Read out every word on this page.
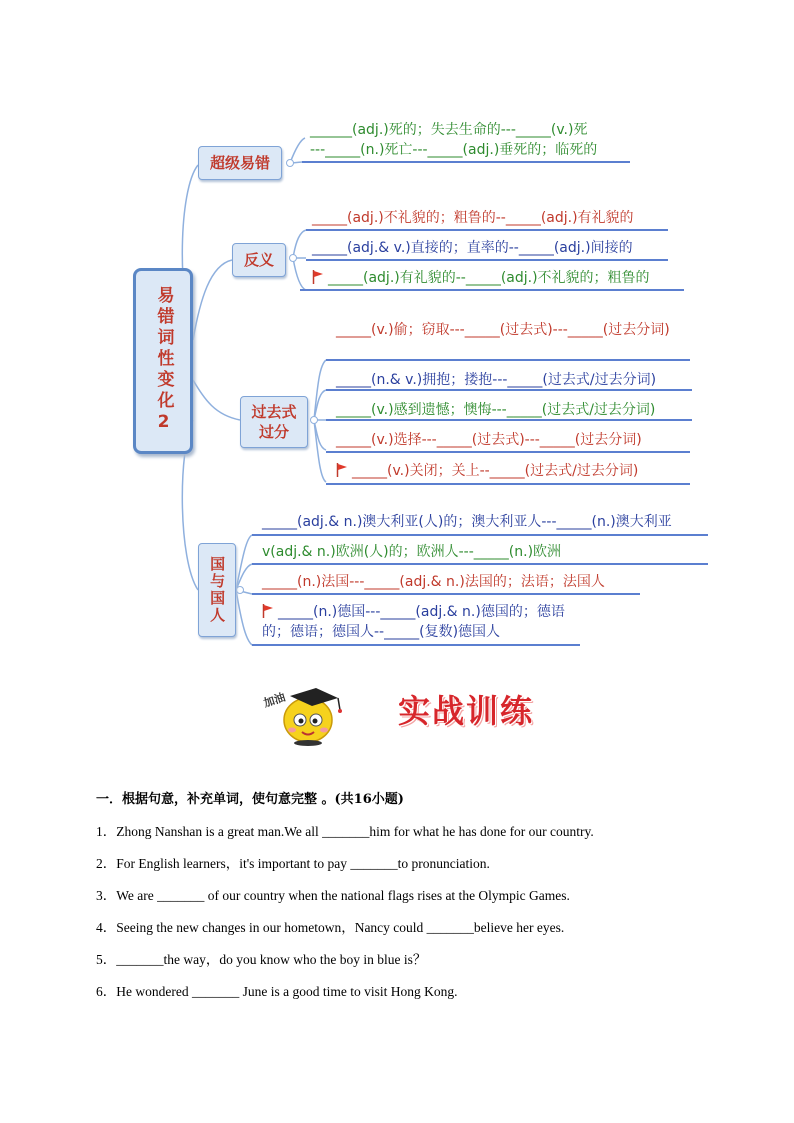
易错词性变化2
超级易错
反义
过去式过分
国与国人
______(adj.)死的；失去生命的---_____(v.)死
---_____(n.)死亡---_____(adj.)垂死的；临死的
_____(adj.)不礼貌的；粗鲁的--_____(adj.)有礼貌的
_____(adj.& v.)直接的；直率的--_____(adj.)间接的
_____(adj.)有礼貌的--_____(adj.)不礼貌的；粗鲁的
_____(v.)偷；窃取---_____(过去式)---_____(过去分词)
_____(n.& v.)拥抱；搂抱---_____(过去式/过去分词)
_____(v.)感到遗憾；懊悔---_____(过去式/过去分词)
_____(v.)选择---_____(过去式)---_____(过去分词)
_____(v.)关闭；关上--_____(过去式/过去分词)
_____(adj.& n.)澳大利亚(人)的；澳大利亚人---_____(n.)澳大利亚
v(adj.& n.)欧洲(人)的；欧洲人---_____(n.)欧洲
_____(n.)法国---_____(adj.& n.)法国的；法语；法国人
_____(n.)德国---_____(adj.& n.)德国的；德语的；德语；德国人--_____(复数)德国人
加油	实战训练
一．根据句意，补充单词，使句意完整 。(共16小题)
1．Zhong Nanshan is a great man.We all _______him for what he has done for our country.
2．For English learners，it's important to pay _______to pronunciation.
3．We are _______ of our country when the national flags rises at the Olympic Games.
4．Seeing the new changes in our hometown，Nancy could _______believe her eyes.
5．_______the way，do you know who the boy in blue is？
6．He wondered _______ June is a good time to visit Hong Kong.
